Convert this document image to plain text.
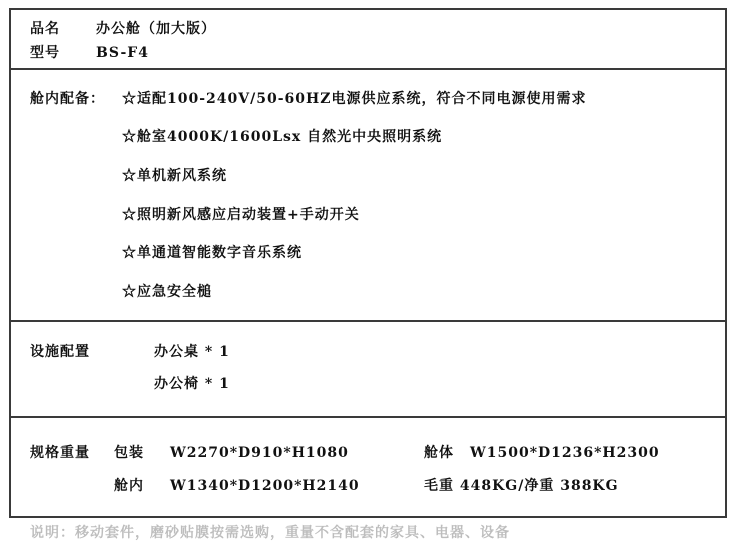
品名	办公舱（加大版）
型号	BS-F4
舱内配备： ☆适配100-240V/50-60HZ电源供应系统，符合不同电源使用需求
☆舱室4000K/1600Lsx 自然光中央照明系统
☆单机新风系统
☆照明新风感应启动装置+手动开关
☆单通道智能数字音乐系统
☆应急安全槌
设施配置	办公桌 * 1
办公椅 * 1
规格重量 包装 W2270*D910*H1080	舱体 W1500*D1236*H2300
舱内 W1340*D1200*H2140	毛重 448KG/净重 388KG
说明：移动套件，磨砂贴膜按需选购，重量不含配套的家具、电器、设备
